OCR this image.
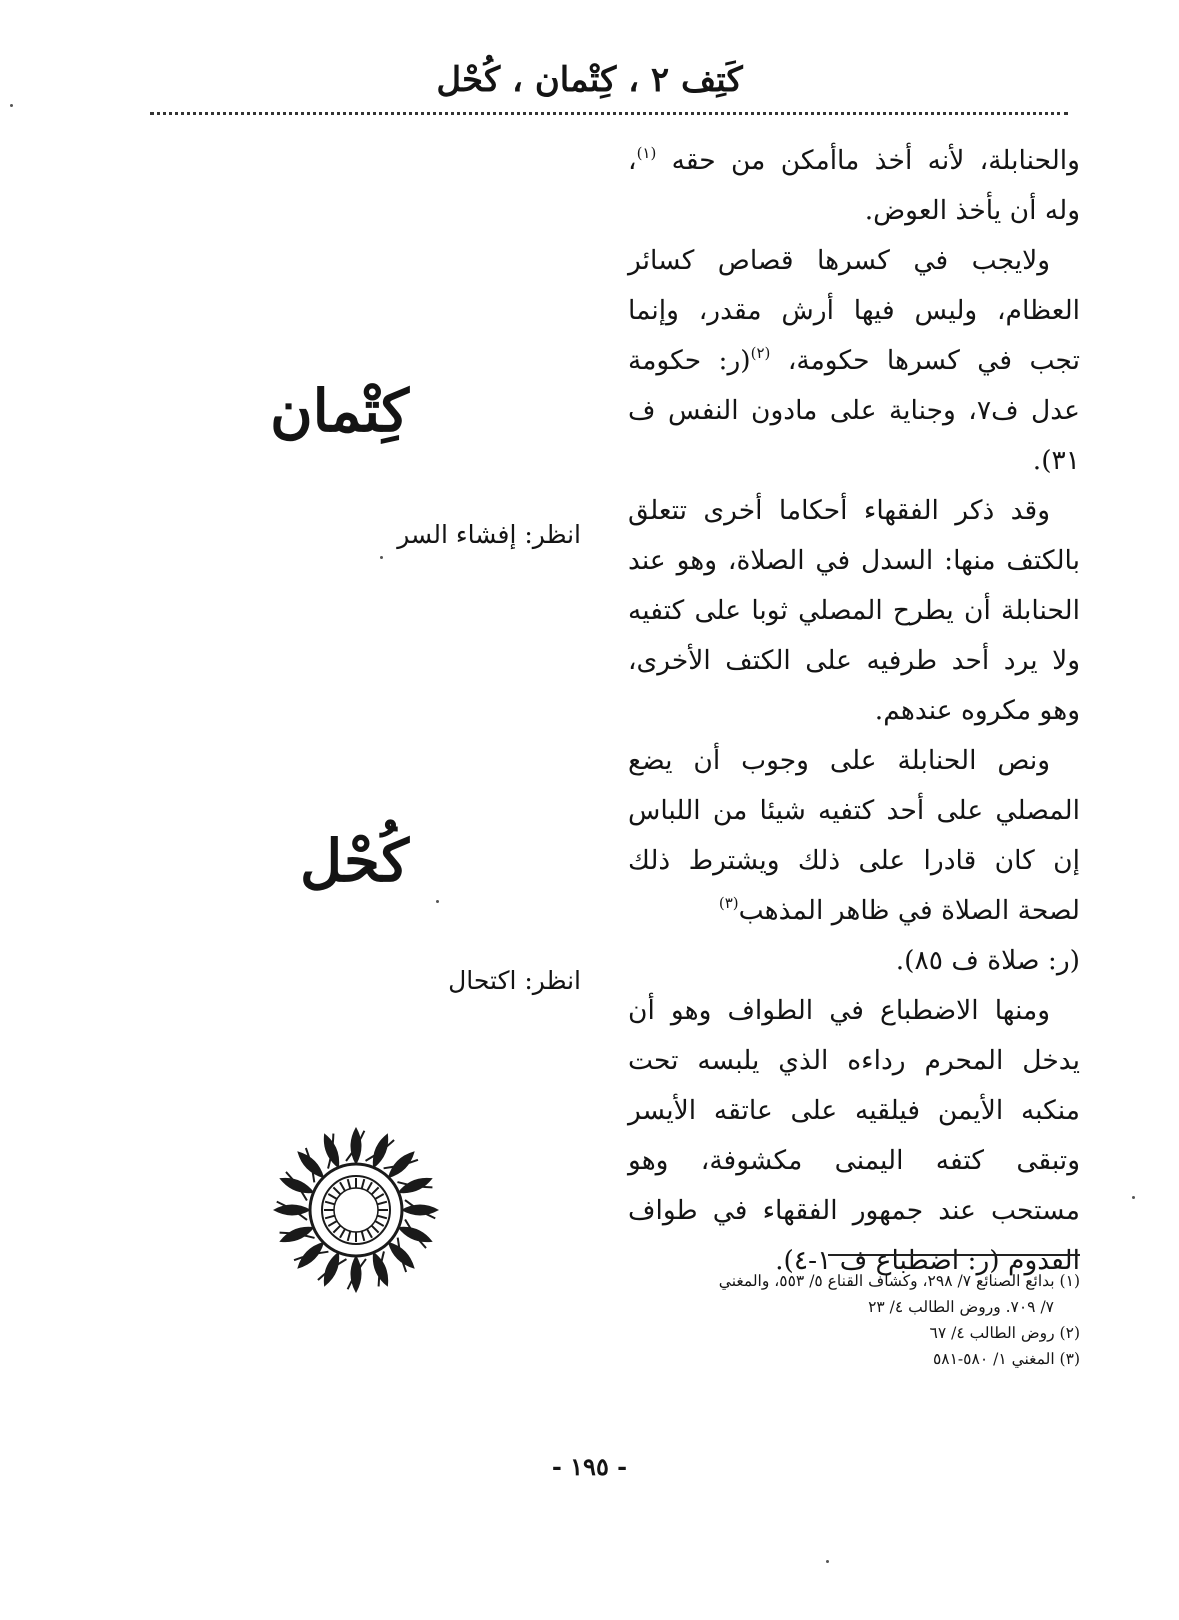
كَتِف ٢ ، كِتْمان ، كُحْل

والحنابلة، لأنه أخذ ماأمكن من حقه $^{(١)}$، وله أن يأخذ العوض.

ولايجب في كسرها قصاص كسائر العظام، وليس فيها أرش مقدر، وإنما تجب في كسرها حكومة، $^{(٢)}$(ر: حكومة عدل ف٧، وجناية على مادون النفس ف ٣١).

وقد ذكر الفقهاء أحكاما أخرى تتعلق بالكتف منها: السدل في الصلاة، وهو عند الحنابلة أن يطرح المصلي ثوبا على كتفيه ولا يرد أحد طرفيه على الكتف الأخرى، وهو مكروه عندهم.

ونص الحنابلة على وجوب أن يضع المصلي على أحد كتفيه شيئا من اللباس إن كان قادرا على ذلك ويشترط ذلك لصحة الصلاة في ظاهر المذهب$^{(٣)}$

(ر: صلاة ف ٨٥).

ومنها الاضطباع في الطواف وهو أن يدخل المحرم رداءه الذي يلبسه تحت منكبه الأيمن فيلقيه على عاتقه الأيسر وتبقى كتفه اليمنى مكشوفة، وهو مستحب عند جمهور الفقهاء في طواف القدوم (ر: اضطباع ف ١-٤).

كِتْمان
انظر: إفشاء السر
كُحْل
انظر: اكتحال

(١) بدائع الصنائع ٧/ ٢٩٨، وكشاف القناع ٥/ ٥٥٣، والمغني

٧/ ٧٠٩. وروض الطالب ٤/ ٢٣

(٢) روض الطالب ٤/ ٦٧

(٣) المغني ١/ ٥٨٠-٥٨١

- ١٩٥ -
